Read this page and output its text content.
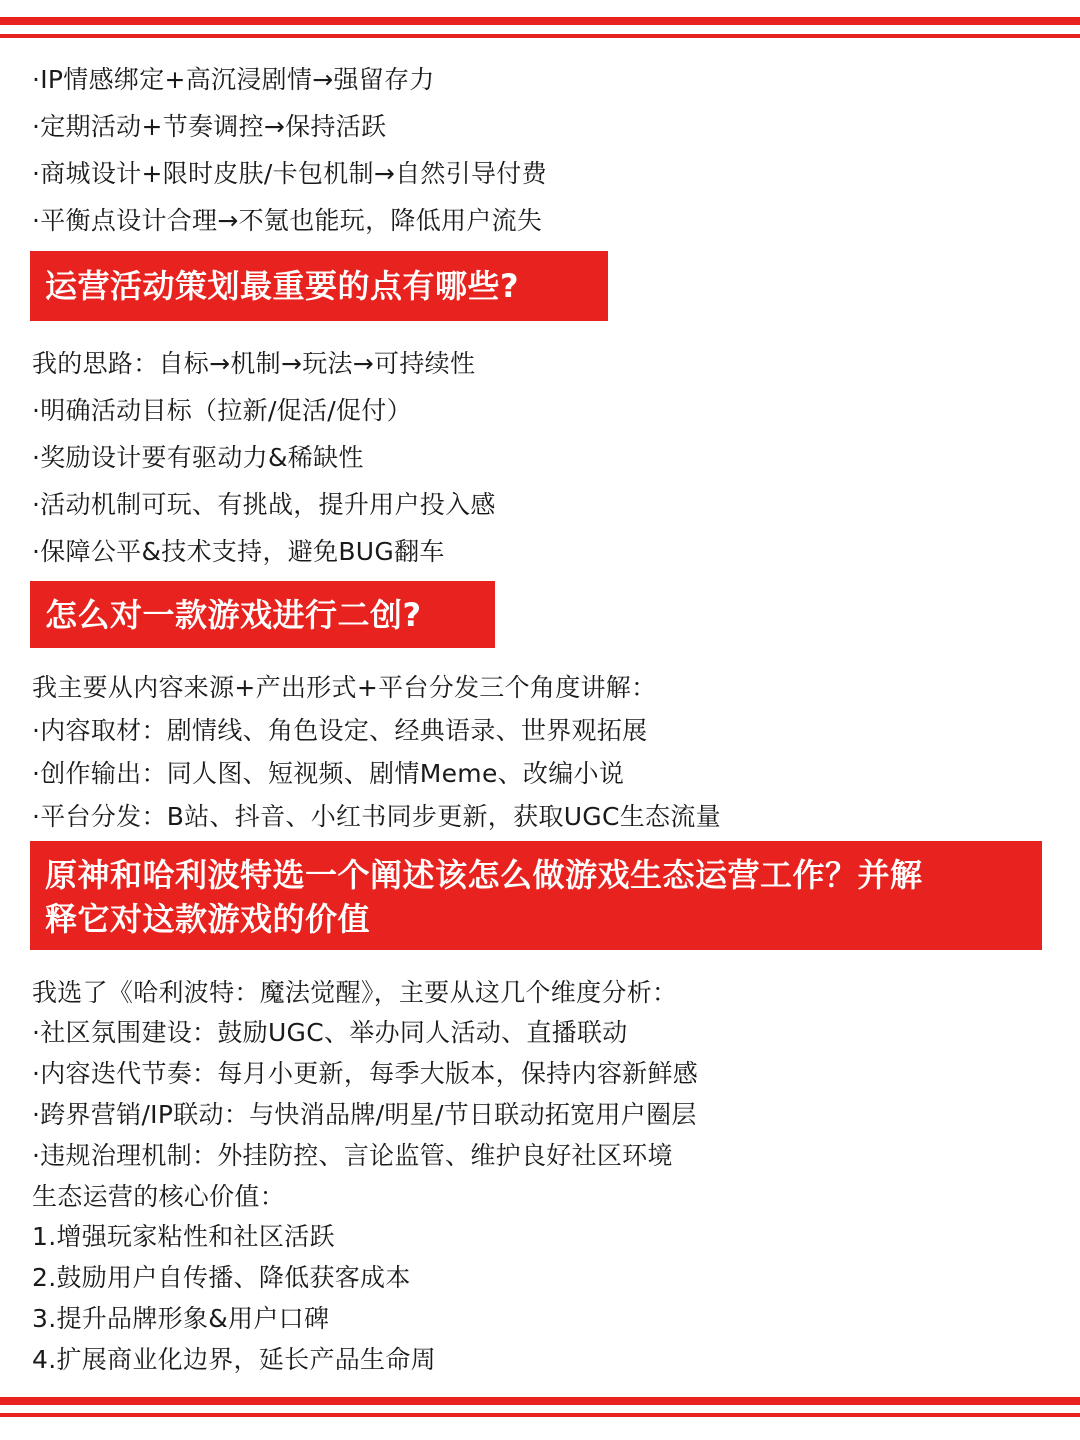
·IP情感绑定+高沉浸剧情→强留存力
·定期活动+节奏调控→保持活跃
·商城设计+限时皮肤/卡包机制→自然引导付费
·平衡点设计合理→不氪也能玩，降低用户流失
运营活动策划最重要的点有哪些?
我的思路：自标→机制→玩法→可持续性
·明确活动目标（拉新/促活/促付）
·奖励设计要有驱动力&稀缺性
·活动机制可玩、有挑战，提升用户投入感
·保障公平&技术支持，避免BUG翻车
怎么对一款游戏进行二创?
我主要从内容来源+产出形式+平台分发三个角度讲解：
·内容取材：剧情线、角色设定、经典语录、世界观拓展
·创作输出：同人图、短视频、剧情Meme、改编小说
·平台分发：B站、抖音、小红书同步更新，获取UGC生态流量
原神和哈利波特选一个阐述该怎么做游戏生态运营工作？并解
释它对这款游戏的价值
我选了《哈利波特：魔法觉醒》，主要从这几个维度分析：
·社区氛围建设：鼓励UGC、举办同人活动、直播联动
·内容迭代节奏：每月小更新，每季大版本，保持内容新鲜感
·跨界营销/IP联动：与快消品牌/明星/节日联动拓宽用户圈层
·违规治理机制：外挂防控、言论监管、维护良好社区环境
生态运营的核心价值：
1.增强玩家粘性和社区活跃
2.鼓励用户自传播、降低获客成本
3.提升品牌形象&用户口碑
4.扩展商业化边界，延长产品生命周
